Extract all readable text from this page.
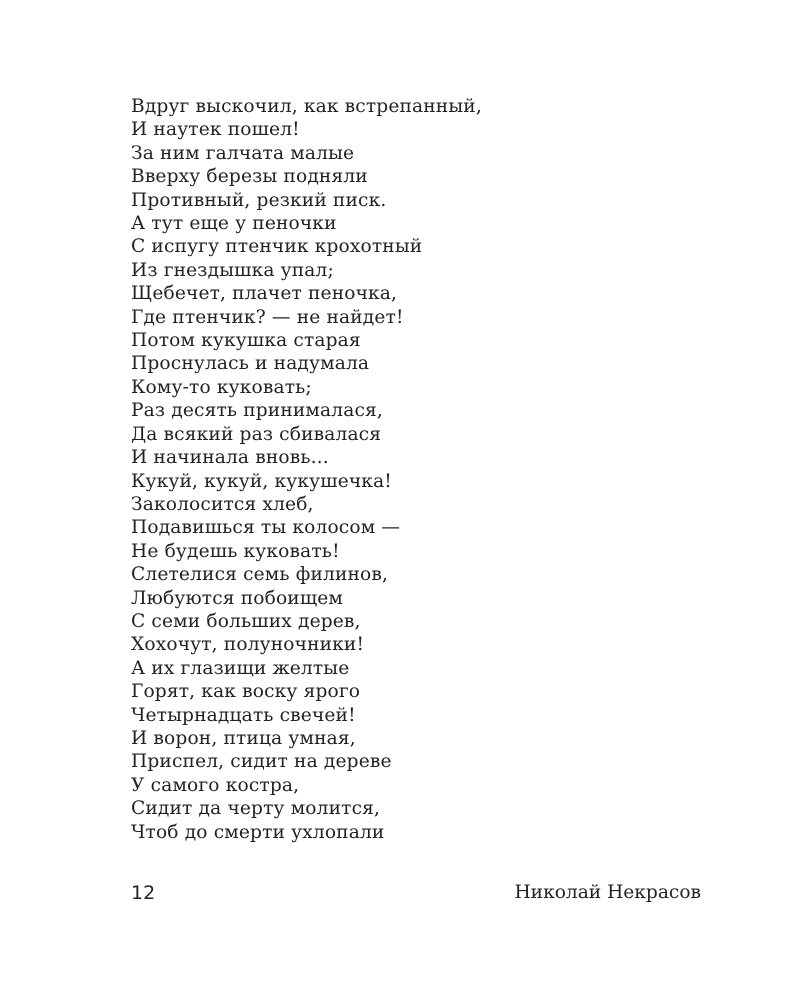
Вдруг выскочил, как встрепанный,
И наутек пошел!
За ним галчата малые
Вверху березы подняли
Противный, резкий писк.
А тут еще у пеночки
С испугу птенчик крохотный
Из гнездышка упал;
Щебечет, плачет пеночка,
Где птенчик? — не найдет!
Потом кукушка старая
Проснулась и надумала
Кому-то куковать;
Раз десять принималася,
Да всякий раз сбивалася
И начинала вновь...
Кукуй, кукуй, кукушечка!
Заколосится хлеб,
Подавишься ты колосом —
Не будешь куковать!
Слетелися семь филинов,
Любуются побоищем
С семи больших дерев,
Хохочут, полуночники!
А их глазищи желтые
Горят, как воску ярого
Четырнадцать свечей!
И ворон, птица умная,
Приспел, сидит на дереве
У самого костра,
Сидит да черту молится,
Чтоб до смерти ухлопали
12	Николай Некрасов
